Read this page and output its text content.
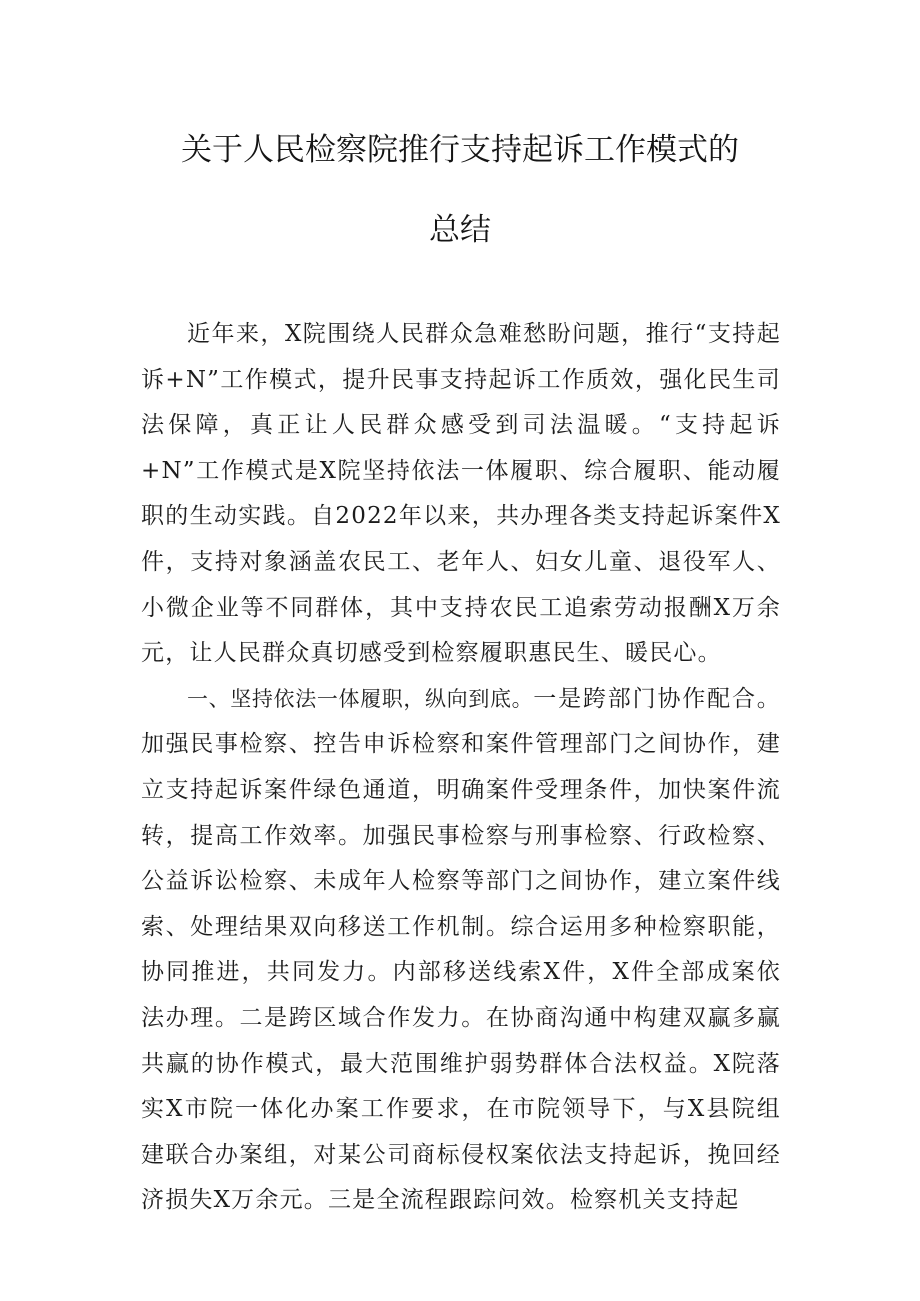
关于人民检察院推行支持起诉工作模式的
总结

近年来，X院围绕人民群众急难愁盼问题，推行“支持起诉+N”工作模式，提升民事支持起诉工作质效，强化民生司法保障，真正让人民群众感受到司法温暖。“支持起诉+N”工作模式是X院坚持依法一体履职、综合履职、能动履职的生动实践。自2022年以来，共办理各类支持起诉案件X件，支持对象涵盖农民工、老年人、妇女儿童、退役军人、小微企业等不同群体，其中支持农民工追索劳动报酬X万余元，让人民群众真切感受到检察履职惠民生、暖民心。

一、坚持依法一体履职，纵向到底。一是跨部门协作配合。加强民事检察、控告申诉检察和案件管理部门之间协作，建立支持起诉案件绿色通道，明确案件受理条件，加快案件流转，提高工作效率。加强民事检察与刑事检察、行政检察、公益诉讼检察、未成年人检察等部门之间协作，建立案件线索、处理结果双向移送工作机制。综合运用多种检察职能，协同推进，共同发力。内部移送线索X件，X件全部成案依法办理。二是跨区域合作发力。在协商沟通中构建双赢多赢共赢的协作模式，最大范围维护弱势群体合法权益。X院落实X市院一体化办案工作要求，在市院领导下，与X县院组建联合办案组，对某公司商标侵权案依法支持起诉，挽回经济损失X万余元。三是全流程跟踪问效。检察机关支持起
